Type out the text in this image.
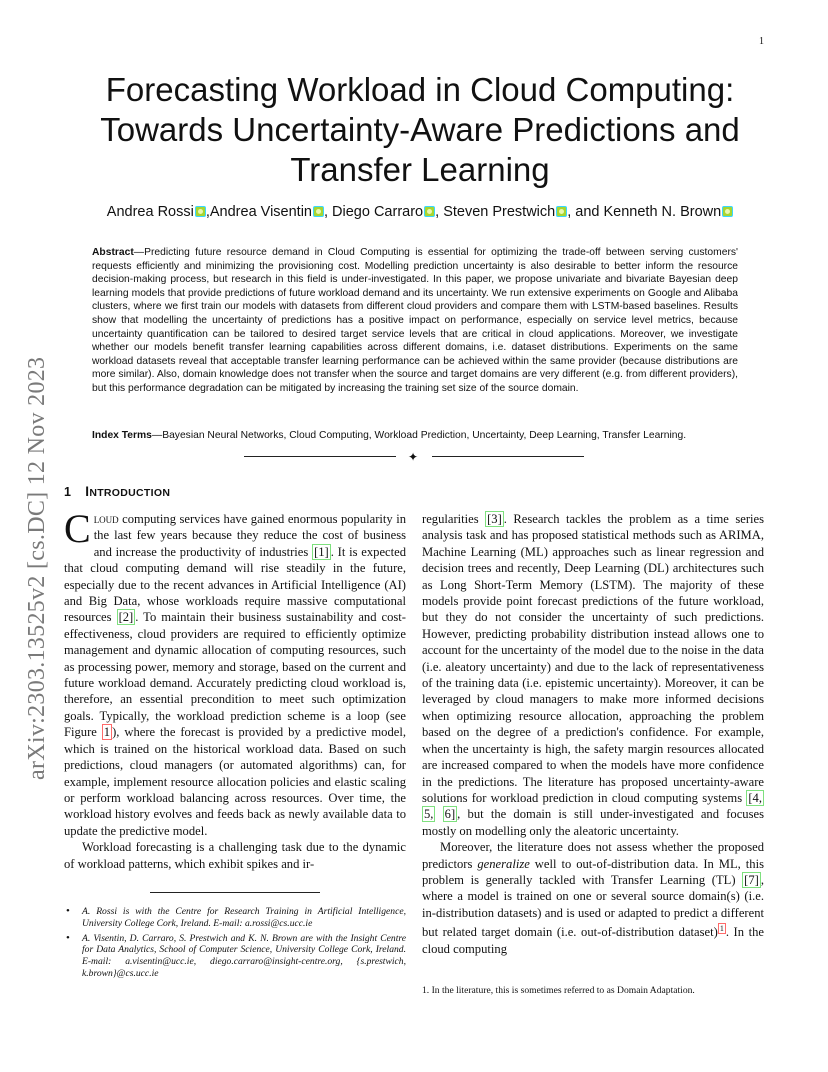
1
arXiv:2303.13525v2 [cs.DC] 12 Nov 2023
Forecasting Workload in Cloud Computing: Towards Uncertainty-Aware Predictions and Transfer Learning
Andrea Rossi ,Andrea Visentin , Diego Carraro , Steven Prestwich , and Kenneth N. Brown
Abstract—Predicting future resource demand in Cloud Computing is essential for optimizing the trade-off between serving customers' requests efficiently and minimizing the provisioning cost. Modelling prediction uncertainty is also desirable to better inform the resource decision-making process, but research in this field is under-investigated. In this paper, we propose univariate and bivariate Bayesian deep learning models that provide predictions of future workload demand and its uncertainty. We run extensive experiments on Google and Alibaba clusters, where we first train our models with datasets from different cloud providers and compare them with LSTM-based baselines. Results show that modelling the uncertainty of predictions has a positive impact on performance, especially on service level metrics, because uncertainty quantification can be tailored to desired target service levels that are critical in cloud applications. Moreover, we investigate whether our models benefit transfer learning capabilities across different domains, i.e. dataset distributions. Experiments on the same workload datasets reveal that acceptable transfer learning performance can be achieved within the same provider (because distributions are more similar). Also, domain knowledge does not transfer when the source and target domains are very different (e.g. from different providers), but this performance degradation can be mitigated by increasing the training set size of the source domain.
Index Terms—Bayesian Neural Networks, Cloud Computing, Workload Prediction, Uncertainty, Deep Learning, Transfer Learning.
✦
1 INTRODUCTION

Cloud computing services have gained enormous popularity in the last few years because they reduce the cost of business and increase the productivity of industries [1] . It is expected that cloud computing demand will rise steadily in the future, especially due to the recent advances in Artificial Intelligence (AI) and Big Data, whose workloads require massive computational resources [2] . To maintain their business sustainability and cost-effectiveness, cloud providers are required to efficiently optimize management and dynamic allocation of computing resources, such as processing power, memory and storage, based on the current and future workload demand. Accurately predicting cloud workload is, therefore, an essential precondition to meet such optimization goals. Typically, the workload prediction scheme is a loop (see Figure 1 ), where the forecast is provided by a predictive model, which is trained on the historical workload data. Based on such predictions, cloud managers (or automated algorithms) can, for example, implement resource allocation policies and elastic scaling or perform workload balancing across resources. Over time, the workload history evolves and feeds back as newly available data to update the predictive model.

Workload forecasting is a challenging task due to the dynamic of workload patterns, which exhibit spikes and ir-

• A. Rossi is with the Centre for Research Training in Artificial Intelligence, University College Cork, Ireland. E-mail: a.rossi@cs.ucc.ie
• A. Visentin, D. Carraro, S. Prestwich and K. N. Brown are with the Insight Centre for Data Analytics, School of Computer Science, University College Cork, Ireland. E-mail: a.visentin@ucc.ie, diego.carraro@insight-centre.org, {s.prestwich, k.brown}@cs.ucc.ie

regularities [3] . Research tackles the problem as a time series analysis task and has proposed statistical methods such as ARIMA, Machine Learning (ML) approaches such as linear regression and decision trees and recently, Deep Learning (DL) architectures such as Long Short-Term Memory (LSTM). The majority of these models provide point forecast predictions of the future workload, but they do not consider the uncertainty of such predictions. However, predicting probability distribution instead allows one to account for the uncertainty of the model due to the noise in the data (i.e. aleatory uncertainty) and due to the lack of representativeness of the training data (i.e. epistemic uncertainty). Moreover, it can be leveraged by cloud managers to make more informed decisions when optimizing resource allocation, approaching the problem based on the degree of a prediction's confidence. For example, when the uncertainty is high, the safety margin resources allocated are increased compared to when the models have more confidence in the predictions. The literature has proposed uncertainty-aware solutions for workload prediction in cloud computing systems [4, 5, 6] , but the domain is still under-investigated and focuses mostly on modelling only the aleatoric uncertainty.

Moreover, the literature does not assess whether the proposed predictors generalize well to out-of-distribution data. In ML, this problem is generally tackled with Transfer Learning (TL) [7] , where a model is trained on one or several source domain(s) (i.e. in-distribution datasets) and is used or adapted to predict a different but related target domain (i.e. out-of-distribution dataset) $^1$ . In the cloud computing

1. In the literature, this is sometimes referred to as Domain Adaptation.
